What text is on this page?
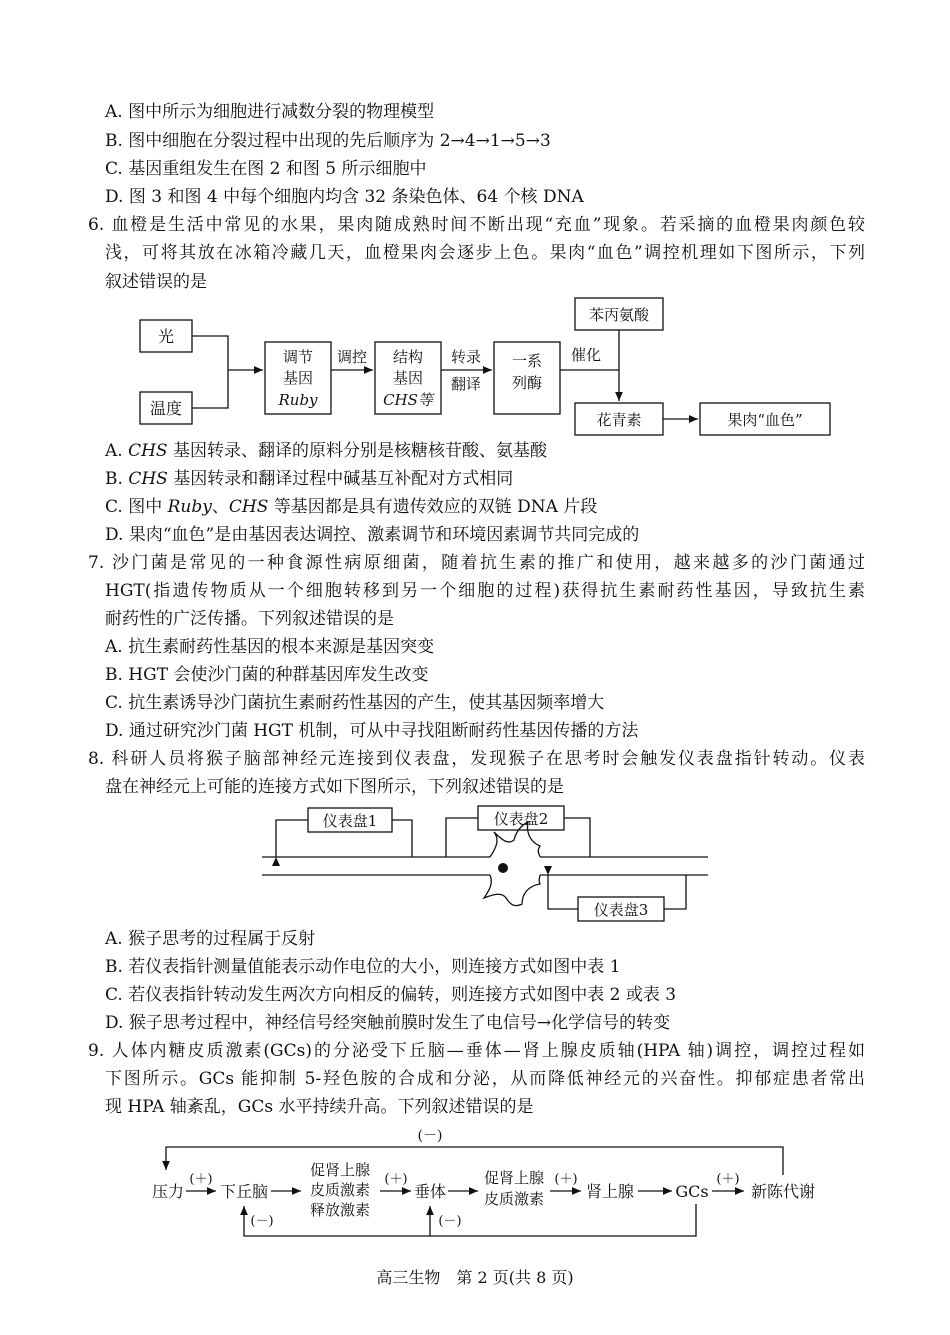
A. 图中所示为细胞进行减数分裂的物理模型
B. 图中细胞在分裂过程中出现的先后顺序为 2→4→1→5→3
C. 基因重组发生在图 2 和图 5 所示细胞中
D. 图 3 和图 4 中每个细胞内均含 32 条染色体、64 个核 DNA
6. 血橙是生活中常见的水果，果肉随成熟时间不断出现“充血”现象。若采摘的血橙果肉颜色较
浅，可将其放在冰箱冷藏几天，血橙果肉会逐步上色。果肉“血色”调控机理如下图所示，下列
叙述错误的是
光
温度
调节
基因
Ruby
调控 结构
基因
CHS等
转录
翻译
一系
列酶
催化
苯丙氨酸
花青素	果肉“血色”
A. CHS 基因转录、翻译的原料分别是核糖核苷酸、氨基酸
B. CHS 基因转录和翻译过程中碱基互补配对方式相同
C. 图中 Ruby、CHS 等基因都是具有遗传效应的双链 DNA 片段
D. 果肉“血色”是由基因表达调控、激素调节和环境因素调节共同完成的
7. 沙门菌是常见的一种食源性病原细菌，随着抗生素的推广和使用，越来越多的沙门菌通过
HGT(指遗传物质从一个细胞转移到另一个细胞的过程)获得抗生素耐药性基因，导致抗生素
耐药性的广泛传播。下列叙述错误的是
A. 抗生素耐药性基因的根本来源是基因突变
B. HGT 会使沙门菌的种群基因库发生改变
C. 抗生素诱导沙门菌抗生素耐药性基因的产生，使其基因频率增大
D. 通过研究沙门菌 HGT 机制，可从中寻找阻断耐药性基因传播的方法
8. 科研人员将猴子脑部神经元连接到仪表盘，发现猴子在思考时会触发仪表盘指针转动。仪表
盘在神经元上可能的连接方式如下图所示，下列叙述错误的是
仪表盘1	仪表盘2
仪表盘3
A. 猴子思考的过程属于反射
B. 若仪表指针测量值能表示动作电位的大小，则连接方式如图中表 1
C. 若仪表指针转动发生两次方向相反的偏转，则连接方式如图中表 2 或表 3
D. 猴子思考过程中，神经信号经突触前膜时发生了电信号→化学信号的转变
9. 人体内糖皮质激素(GCs)的分泌受下丘脑—垂体—肾上腺皮质轴(HPA 轴)调控，调控过程如
下图所示。GCs 能抑制 5-羟色胺的合成和分泌，从而降低神经元的兴奋性。抑郁症患者常出
现 HPA 轴紊乱，GCs 水平持续升高。下列叙述错误的是
(－)
压力
(＋)
下丘脑
促肾上腺
皮质激素
释放激素
(＋)
垂体
促肾上腺
皮质激素
(＋)
肾上腺	GCs
(＋)
新陈代谢
(－)	(－)
高三生物　第 2 页(共 8 页)
